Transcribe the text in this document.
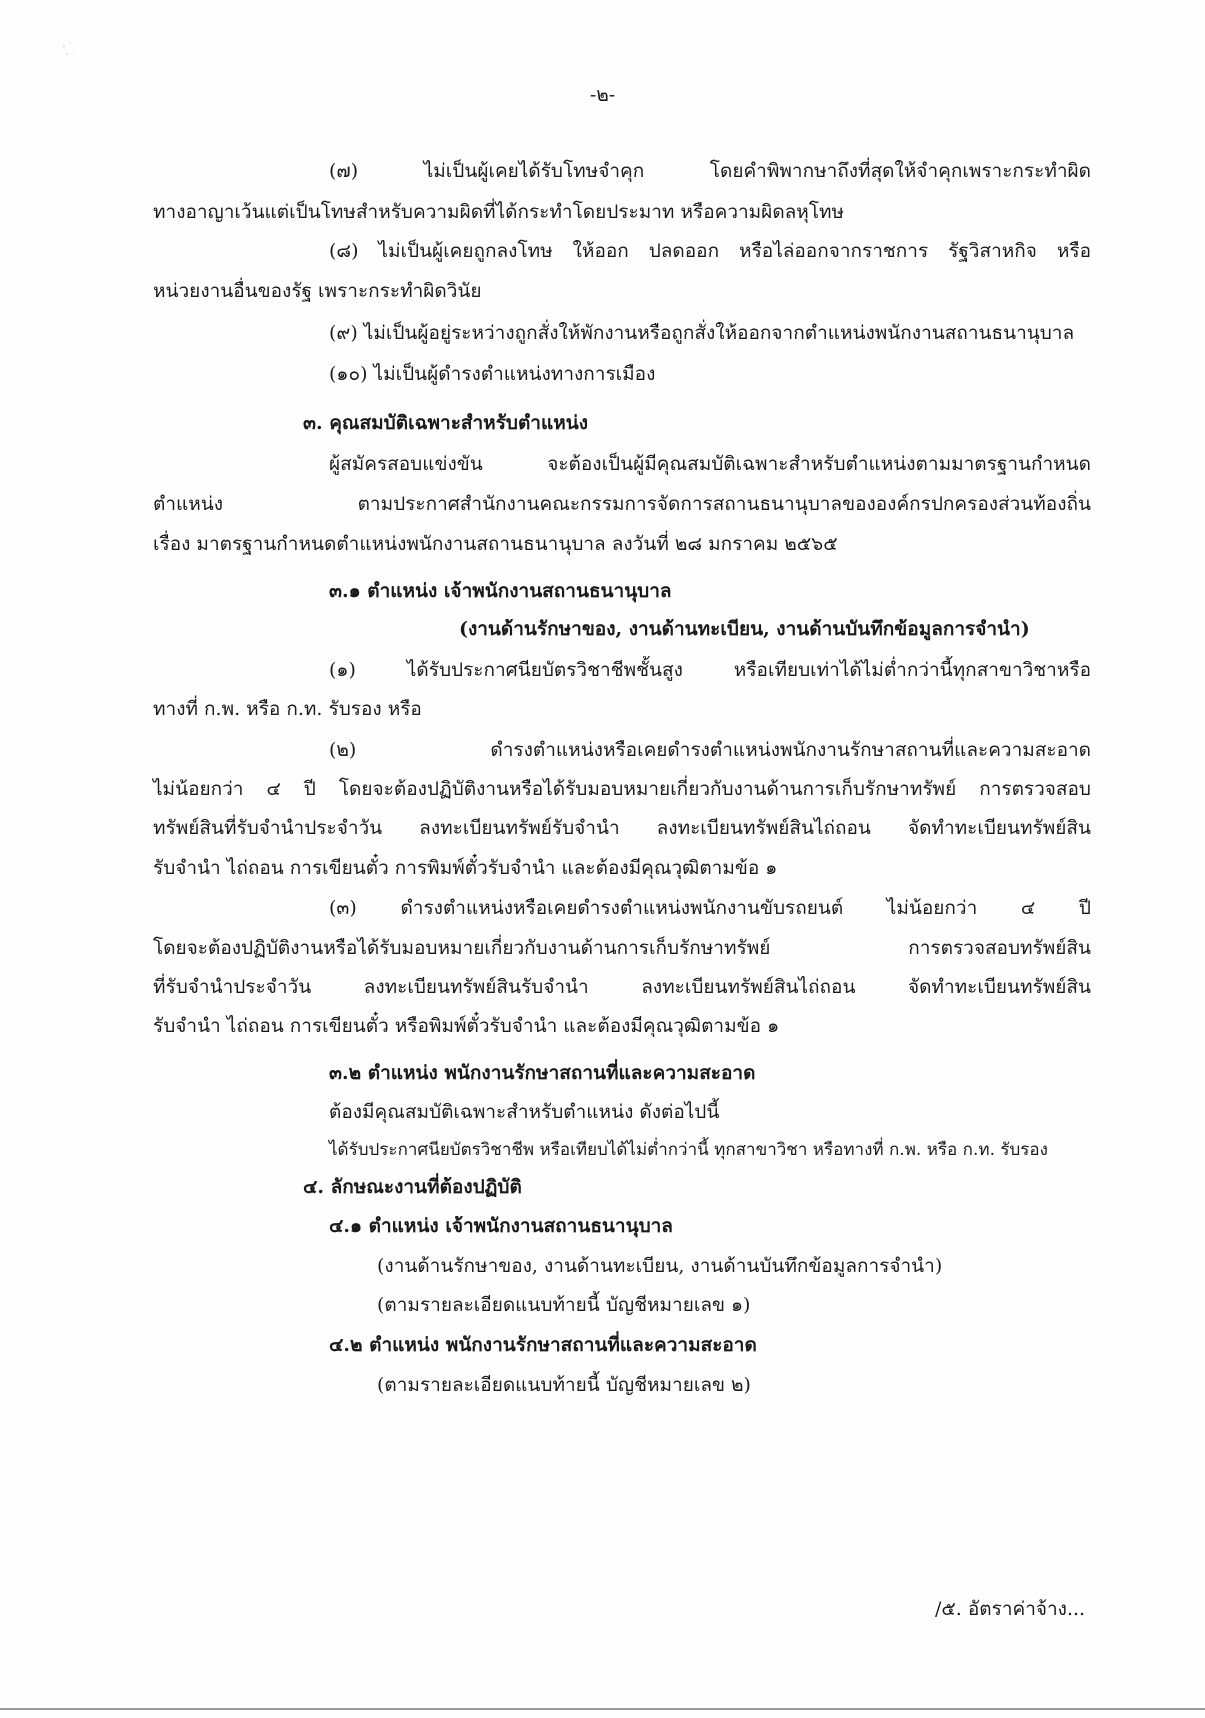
-๒-
(๗) ไม่เป็นผู้เคยได้รับโทษจำคุก โดยคำพิพากษาถึงที่สุดให้จำคุกเพราะกระทำผิด
ทางอาญาเว้นแต่เป็นโทษสำหรับความผิดที่ได้กระทำโดยประมาท หรือความผิดลหุโทษ
(๘) ไม่เป็นผู้เคยถูกลงโทษ ให้ออก ปลดออก หรือไล่ออกจากราชการ รัฐวิสาหกิจ หรือ
หน่วยงานอื่นของรัฐ เพราะกระทำผิดวินัย
(๙) ไม่เป็นผู้อยู่ระหว่างถูกสั่งให้พักงานหรือถูกสั่งให้ออกจากตำแหน่งพนักงานสถานธนานุบาล
(๑๐) ไม่เป็นผู้ดำรงตำแหน่งทางการเมือง
๓. คุณสมบัติเฉพาะสำหรับตำแหน่ง
ผู้สมัครสอบแข่งขัน จะต้องเป็นผู้มีคุณสมบัติเฉพาะสำหรับตำแหน่งตามมาตรฐานกำหนด
ตำแหน่ง ตามประกาศสำนักงานคณะกรรมการจัดการสถานธนานุบาลขององค์กรปกครองส่วนท้องถิ่น
เรื่อง มาตรฐานกำหนดตำแหน่งพนักงานสถานธนานุบาล ลงวันที่ ๒๘ มกราคม ๒๕๖๕
๓.๑ ตำแหน่ง เจ้าพนักงานสถานธนานุบาล
(งานด้านรักษาของ, งานด้านทะเบียน, งานด้านบันทึกข้อมูลการจำนำ)
(๑) ได้รับประกาศนียบัตรวิชาชีพชั้นสูง หรือเทียบเท่าได้ไม่ต่ำกว่านี้ทุกสาขาวิชาหรือ
ทางที่ ก.พ. หรือ ก.ท. รับรอง หรือ
(๒) ดำรงตำแหน่งหรือเคยดำรงตำแหน่งพนักงานรักษาสถานที่และความสะอาด
ไม่น้อยกว่า ๔ ปี โดยจะต้องปฏิบัติงานหรือได้รับมอบหมายเกี่ยวกับงานด้านการเก็บรักษาทรัพย์ การตรวจสอบ
ทรัพย์สินที่รับจำนำประจำวัน ลงทะเบียนทรัพย์รับจำนำ ลงทะเบียนทรัพย์สินไถ่ถอน จัดทำทะเบียนทรัพย์สิน
รับจำนำ ไถ่ถอน การเขียนตั๋ว การพิมพ์ตั๋วรับจำนำ และต้องมีคุณวุฒิตามข้อ ๑
(๓) ดำรงตำแหน่งหรือเคยดำรงตำแหน่งพนักงานขับรถยนต์ ไม่น้อยกว่า ๔ ปี
โดยจะต้องปฏิบัติงานหรือได้รับมอบหมายเกี่ยวกับงานด้านการเก็บรักษาทรัพย์ การตรวจสอบทรัพย์สิน
ที่รับจำนำประจำวัน ลงทะเบียนทรัพย์สินรับจำนำ ลงทะเบียนทรัพย์สินไถ่ถอน จัดทำทะเบียนทรัพย์สิน
รับจำนำ ไถ่ถอน การเขียนตั๋ว หรือพิมพ์ตั๋วรับจำนำ และต้องมีคุณวุฒิตามข้อ ๑
๓.๒ ตำแหน่ง พนักงานรักษาสถานที่และความสะอาด
ต้องมีคุณสมบัติเฉพาะสำหรับตำแหน่ง ดังต่อไปนี้
ได้รับประกาศนียบัตรวิชาชีพ หรือเทียบได้ไม่ต่ำกว่านี้ ทุกสาขาวิชา หรือทางที่ ก.พ. หรือ ก.ท. รับรอง
๔. ลักษณะงานที่ต้องปฏิบัติ
๔.๑ ตำแหน่ง เจ้าพนักงานสถานธนานุบาล
(งานด้านรักษาของ, งานด้านทะเบียน, งานด้านบันทึกข้อมูลการจำนำ)
(ตามรายละเอียดแนบท้ายนี้ บัญชีหมายเลข ๑)
๔.๒ ตำแหน่ง พนักงานรักษาสถานที่และความสะอาด
(ตามรายละเอียดแนบท้ายนี้ บัญชีหมายเลข ๒)
/๕. อัตราค่าจ้าง...
